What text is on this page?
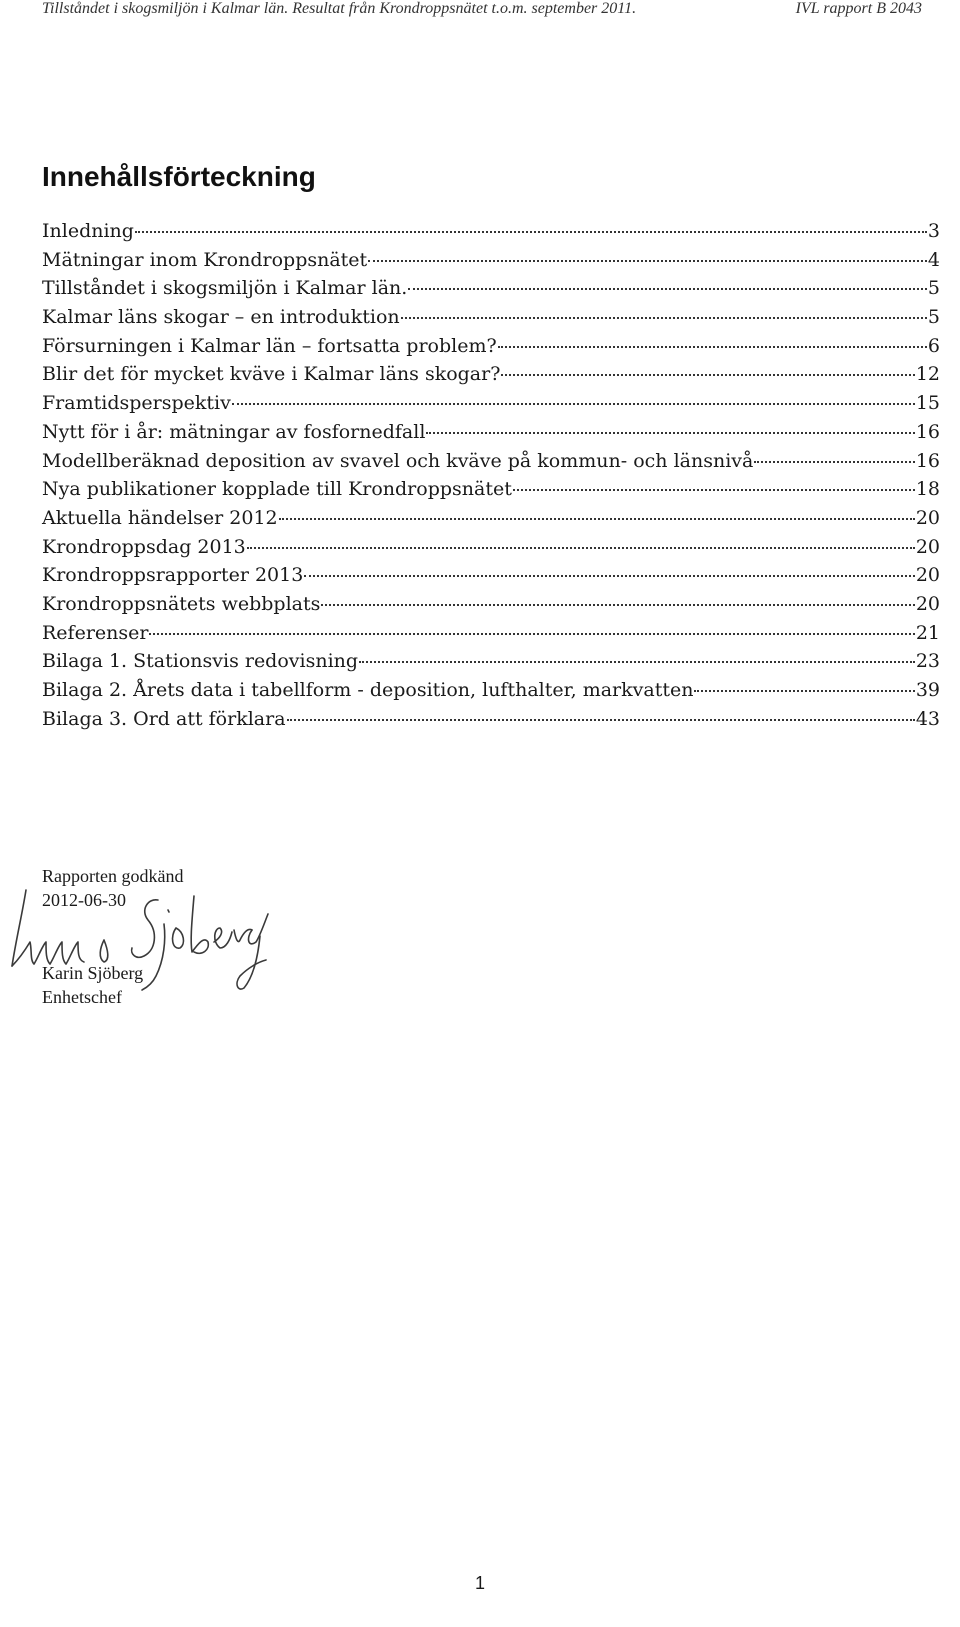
Tillståndet i skogsmiljön i Kalmar län. Resultat från Krondroppsnätet t.o.m. september 2011.	IVL rapport B 2043
Innehållsförteckning
Inledning	3
Mätningar inom Krondroppsnätet	4
Tillståndet i skogsmiljön i Kalmar län.	5
Kalmar läns skogar – en introduktion	5
Försurningen i Kalmar län – fortsatta problem?	6
Blir det för mycket kväve i Kalmar läns skogar?	12
Framtidsperspektiv	15
Nytt för i år: mätningar av fosfornedfall	16
Modellberäknad deposition av svavel och kväve på kommun- och länsnivå	16
Nya publikationer kopplade till Krondroppsnätet	18
Aktuella händelser 2012	20
Krondroppsdag 2013	20
Krondroppsrapporter 2013	20
Krondroppsnätets webbplats	20
Referenser	21
Bilaga 1. Stationsvis redovisning	23
Bilaga 2. Årets data i tabellform - deposition, lufthalter, markvatten	39
Bilaga 3. Ord att förklara	43
Rapporten godkänd
2012-06-30
Karin Sjöberg
Enhetschef
1
